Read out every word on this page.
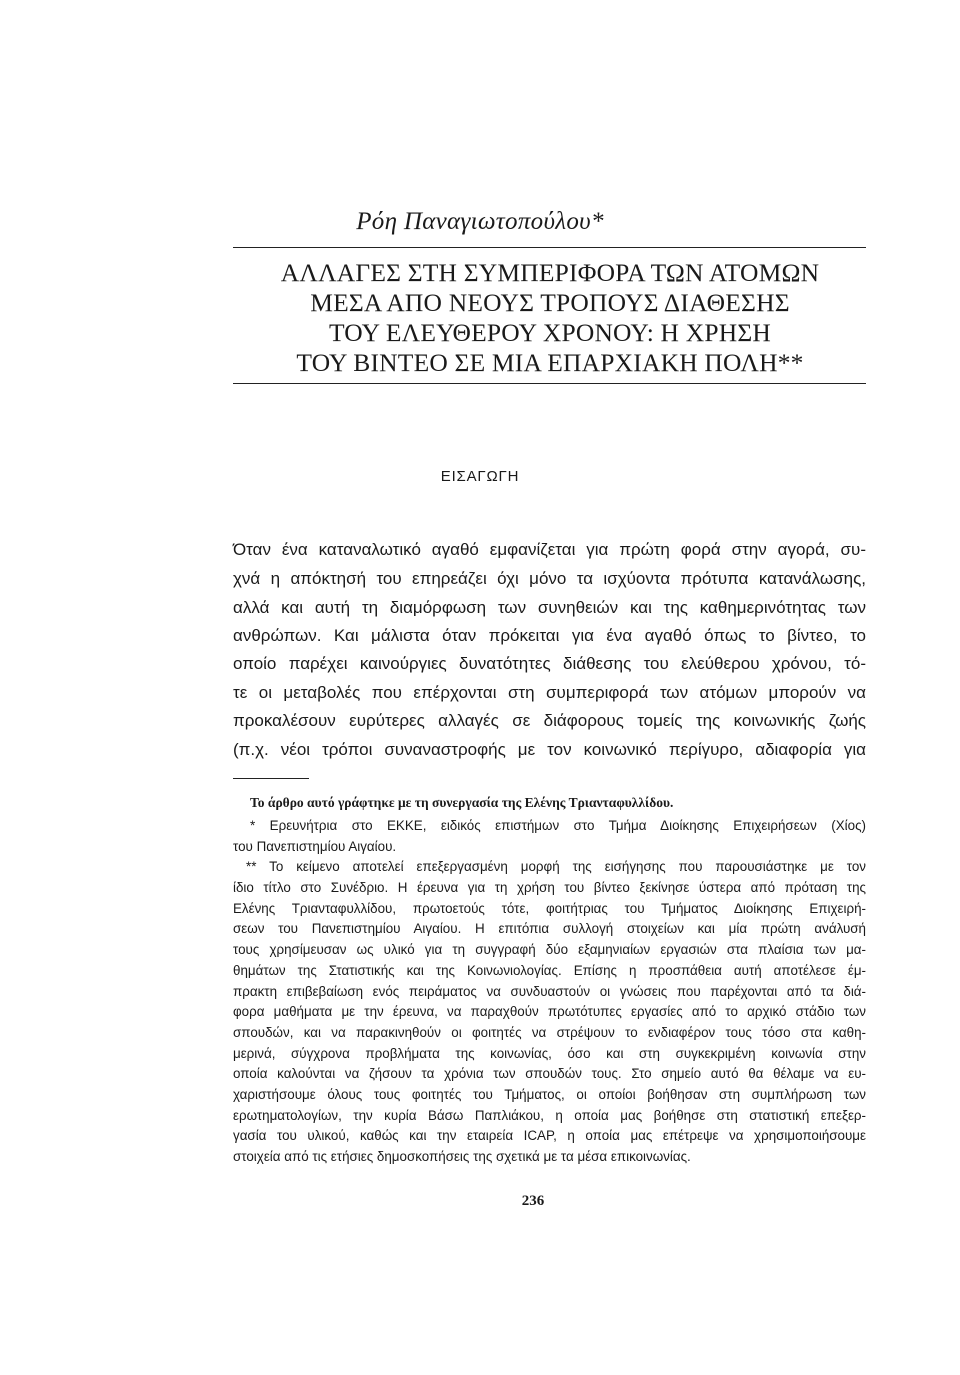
Ρόη Παναγιωτοπούλου*
ΑΛΛΑΓΕΣ ΣΤΗ ΣΥΜΠΕΡΙΦΟΡΑ ΤΩΝ ΑΤΟΜΩΝ
ΜΕΣΑ ΑΠΟ ΝΕΟΥΣ ΤΡΟΠΟΥΣ ΔΙΑΘΕΣΗΣ
ΤΟΥ ΕΛΕΥΘΕΡΟΥ ΧΡΟΝΟΥ: Η ΧΡΗΣΗ
ΤΟΥ ΒΙΝΤΕΟ ΣΕ ΜΙΑ ΕΠΑΡΧΙΑΚΗ ΠΟΛΗ**
ΕΙΣΑΓΩΓΗ
Όταν ένα καταναλωτικό αγαθό εμφανίζεται για πρώτη φορά στην αγορά, συ-
χνά η απόκτησή του επηρεάζει όχι μόνο τα ισχύοντα πρότυπα κατανάλωσης,
αλλά και αυτή τη διαμόρφωση των συνηθειών και της καθημερινότητας των
ανθρώπων. Και μάλιστα όταν πρόκειται για ένα αγαθό όπως το βίντεο, το
οποίο παρέχει καινούργιες δυνατότητες διάθεσης του ελεύθερου χρόνου, τό-
τε οι μεταβολές που επέρχονται στη συμπεριφορά των ατόμων μπορούν να
προκαλέσουν ευρύτερες αλλαγές σε διάφορους τομείς της κοινωνικής ζωής
(π.χ. νέοι τρόποι συναναστροφής με τον κοινωνικό περίγυρο, αδιαφορία για
Το άρθρο αυτό γράφτηκε με τη συνεργασία της Ελένης Τριανταφυλλίδου.
* Ερευνήτρια στο ΕΚΚΕ, ειδικός επιστήμων στο Τμήμα Διοίκησης Επιχειρήσεων (Χίος)
του Πανεπιστημίου Αιγαίου.
** Το κείμενο αποτελεί επεξεργασμένη μορφή της εισήγησης που παρουσιάστηκε με τον
ίδιο τίτλο στο Συνέδριο. Η έρευνα για τη χρήση του βίντεο ξεκίνησε ύστερα από πρόταση της
Ελένης Τριανταφυλλίδου, πρωτοετούς τότε, φοιτήτριας του Τμήματος Διοίκησης Επιχειρή-
σεων του Πανεπιστημίου Αιγαίου. Η επιτόπια συλλογή στοιχείων και μία πρώτη ανάλυσή
τους χρησίμευσαν ως υλικό για τη συγγραφή δύο εξαμηνιαίων εργασιών στα πλαίσια των μα-
θημάτων της Στατιστικής και της Κοινωνιολογίας. Επίσης η προσπάθεια αυτή αποτέλεσε έμ-
πρακτη επιβεβαίωση ενός πειράματος να συνδυαστούν οι γνώσεις που παρέχονται από τα διά-
φορα μαθήματα με την έρευνα, να παραχθούν πρωτότυπες εργασίες από το αρχικό στάδιο των
σπουδών, και να παρακινηθούν οι φοιτητές να στρέψουν το ενδιαφέρον τους τόσο στα καθη-
μερινά, σύγχρονα προβλήματα της κοινωνίας, όσο και στη συγκεκριμένη κοινωνία στην
οποία καλούνται να ζήσουν τα χρόνια των σπουδών τους. Στο σημείο αυτό θα θέλαμε να ευ-
χαριστήσουμε όλους τους φοιτητές του Τμήματος, οι οποίοι βοήθησαν στη συμπλήρωση των
ερωτηματολογίων, την κυρία Βάσω Παπλιάκου, η οποία μας βοήθησε στη στατιστική επεξερ-
γασία του υλικού, καθώς και την εταιρεία ICAP, η οποία μας επέτρεψε να χρησιμοποιήσουμε
στοιχεία από τις ετήσιες δημοσκοπήσεις της σχετικά με τα μέσα επικοινωνίας.
236
